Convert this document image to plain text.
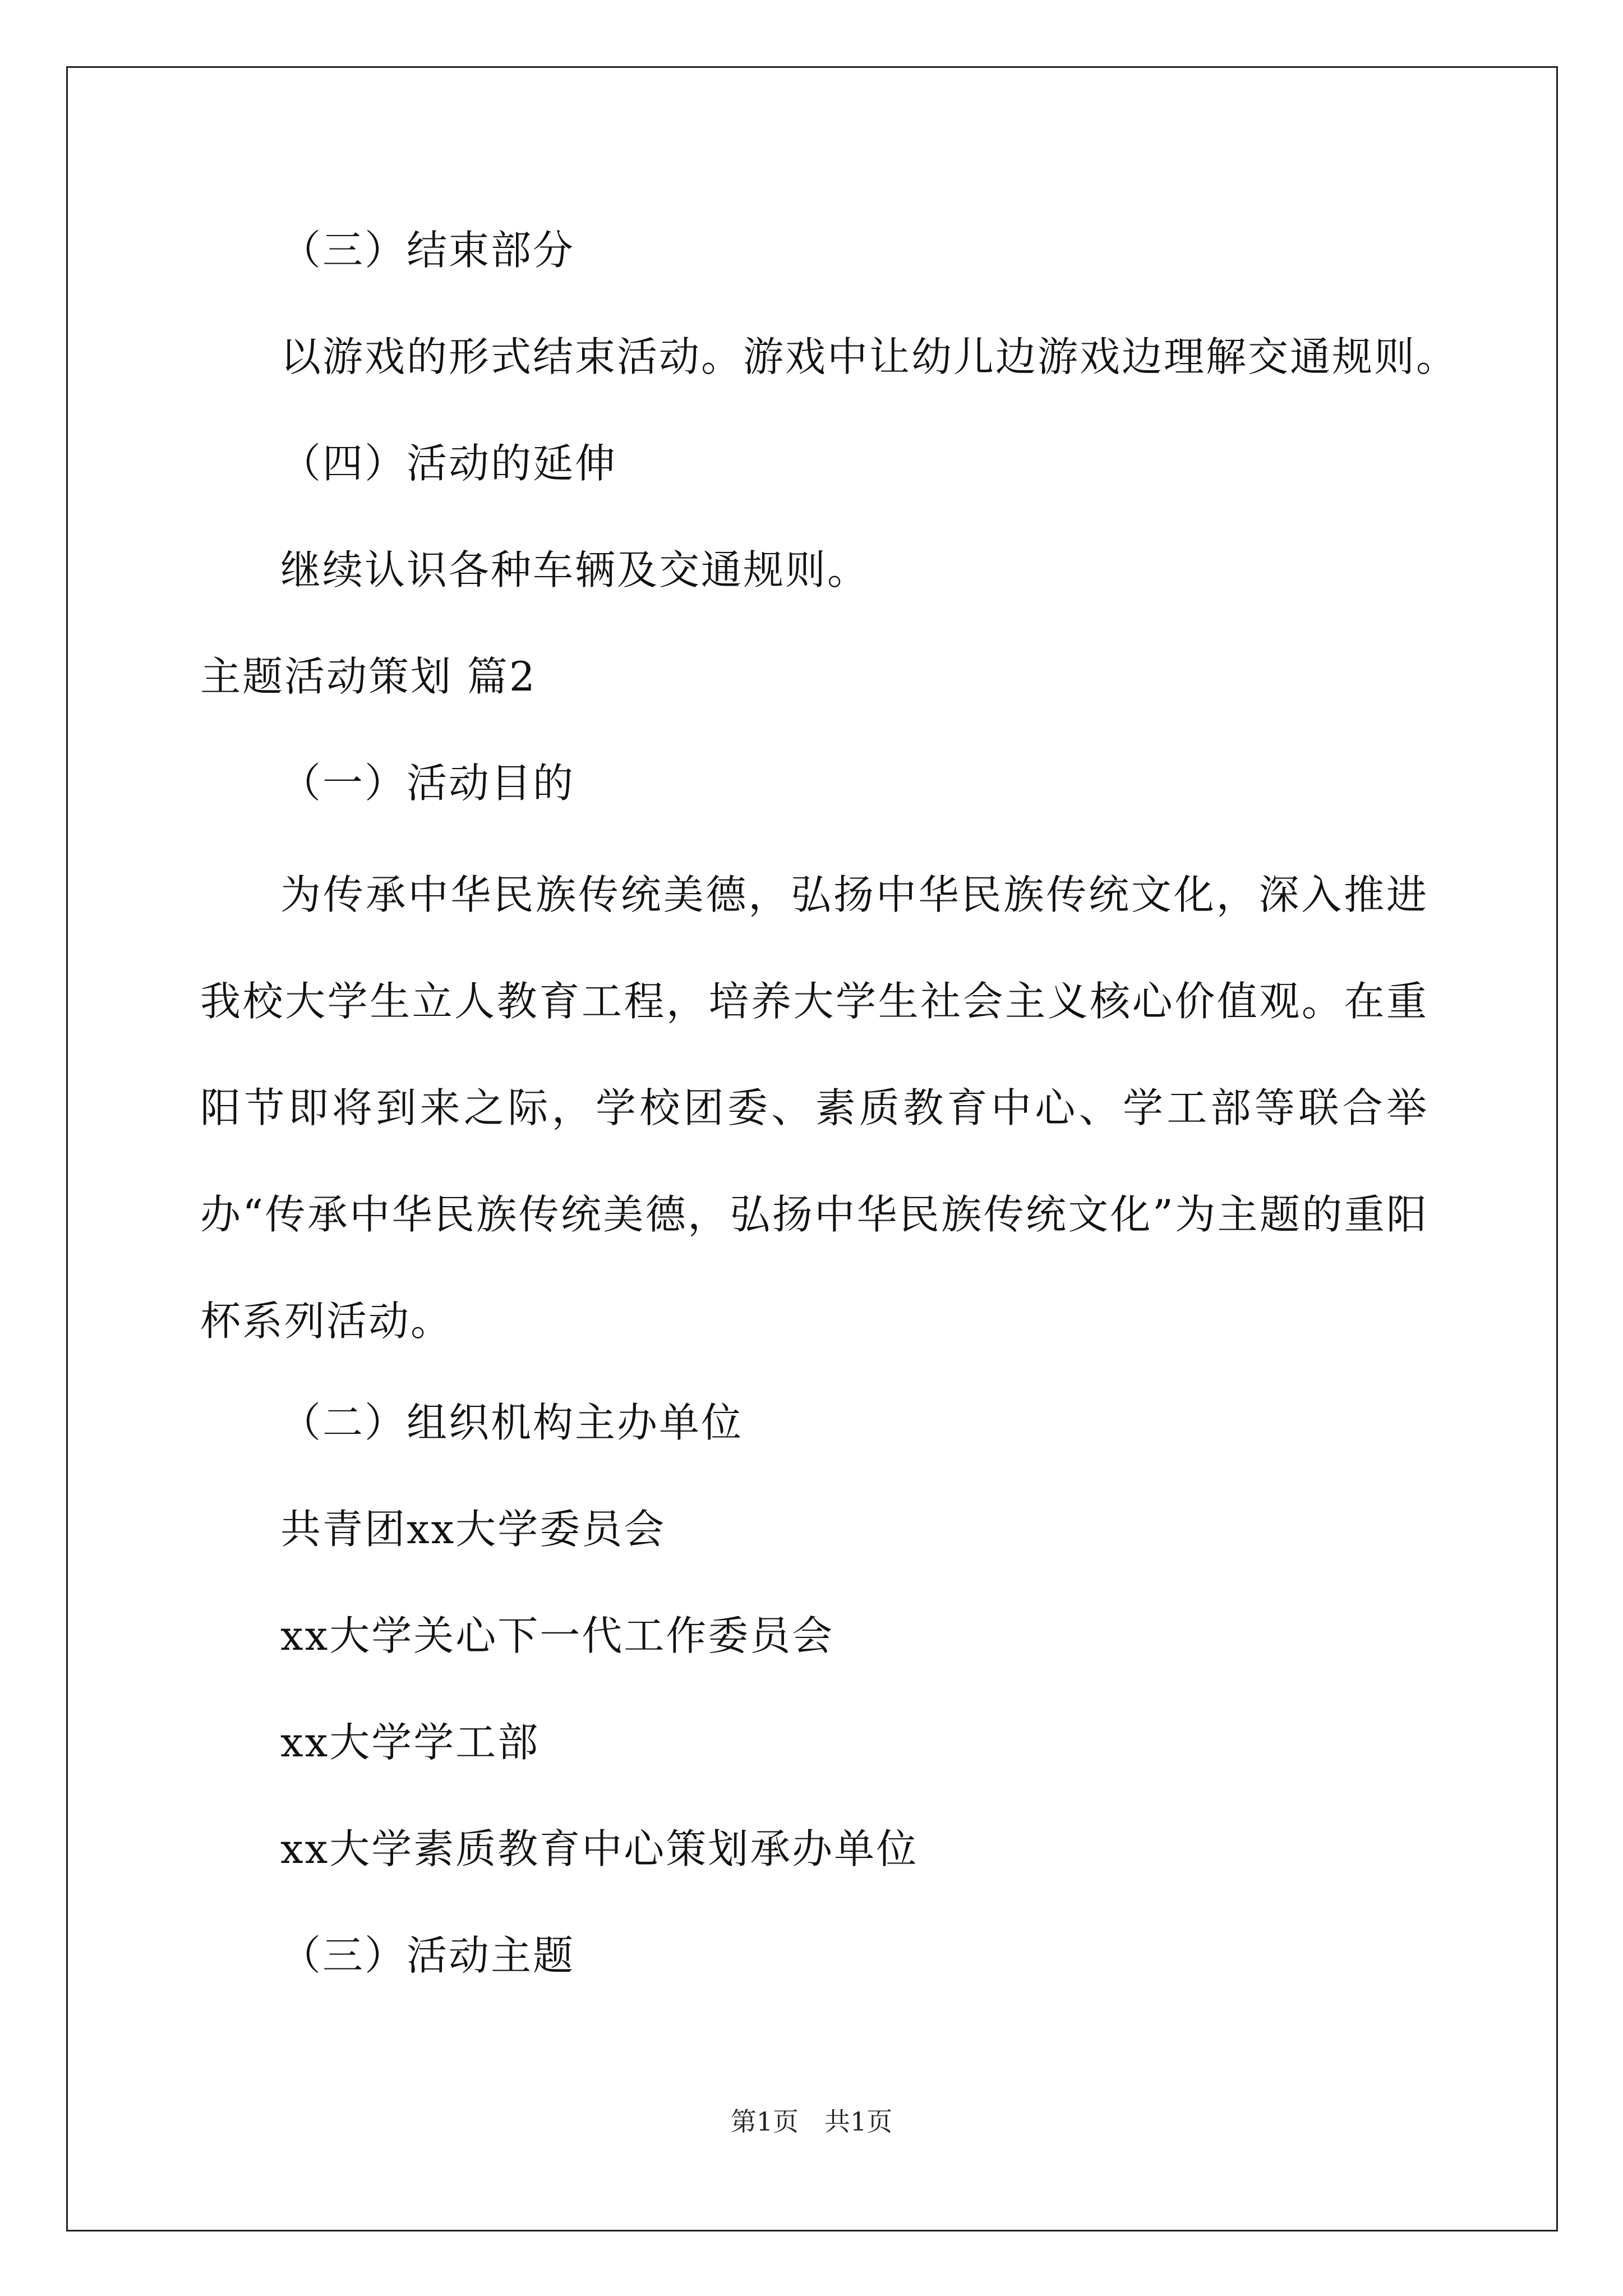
（三）结束部分
以游戏的形式结束活动。游戏中让幼儿边游戏边理解交通规则。
（四）活动的延伸
继续认识各种车辆及交通规则。
主题活动策划 篇2
（一）活动目的

为传承中华民族传统美德，弘扬中华民族传统文化，深入推进我校大学生立人教育工程，培养大学生社会主义核心价值观。在重阳节即将到来之际，学校团委、素质教育中心、学工部等联合举办“传承中华民族传统美德，弘扬中华民族传统文化”为主题的重阳杯系列活动。

（二）组织机构主办单位
共青团xx大学委员会
xx大学关心下一代工作委员会
xx大学学工部
xx大学素质教育中心策划承办单位
（三）活动主题
第1页　共1页
